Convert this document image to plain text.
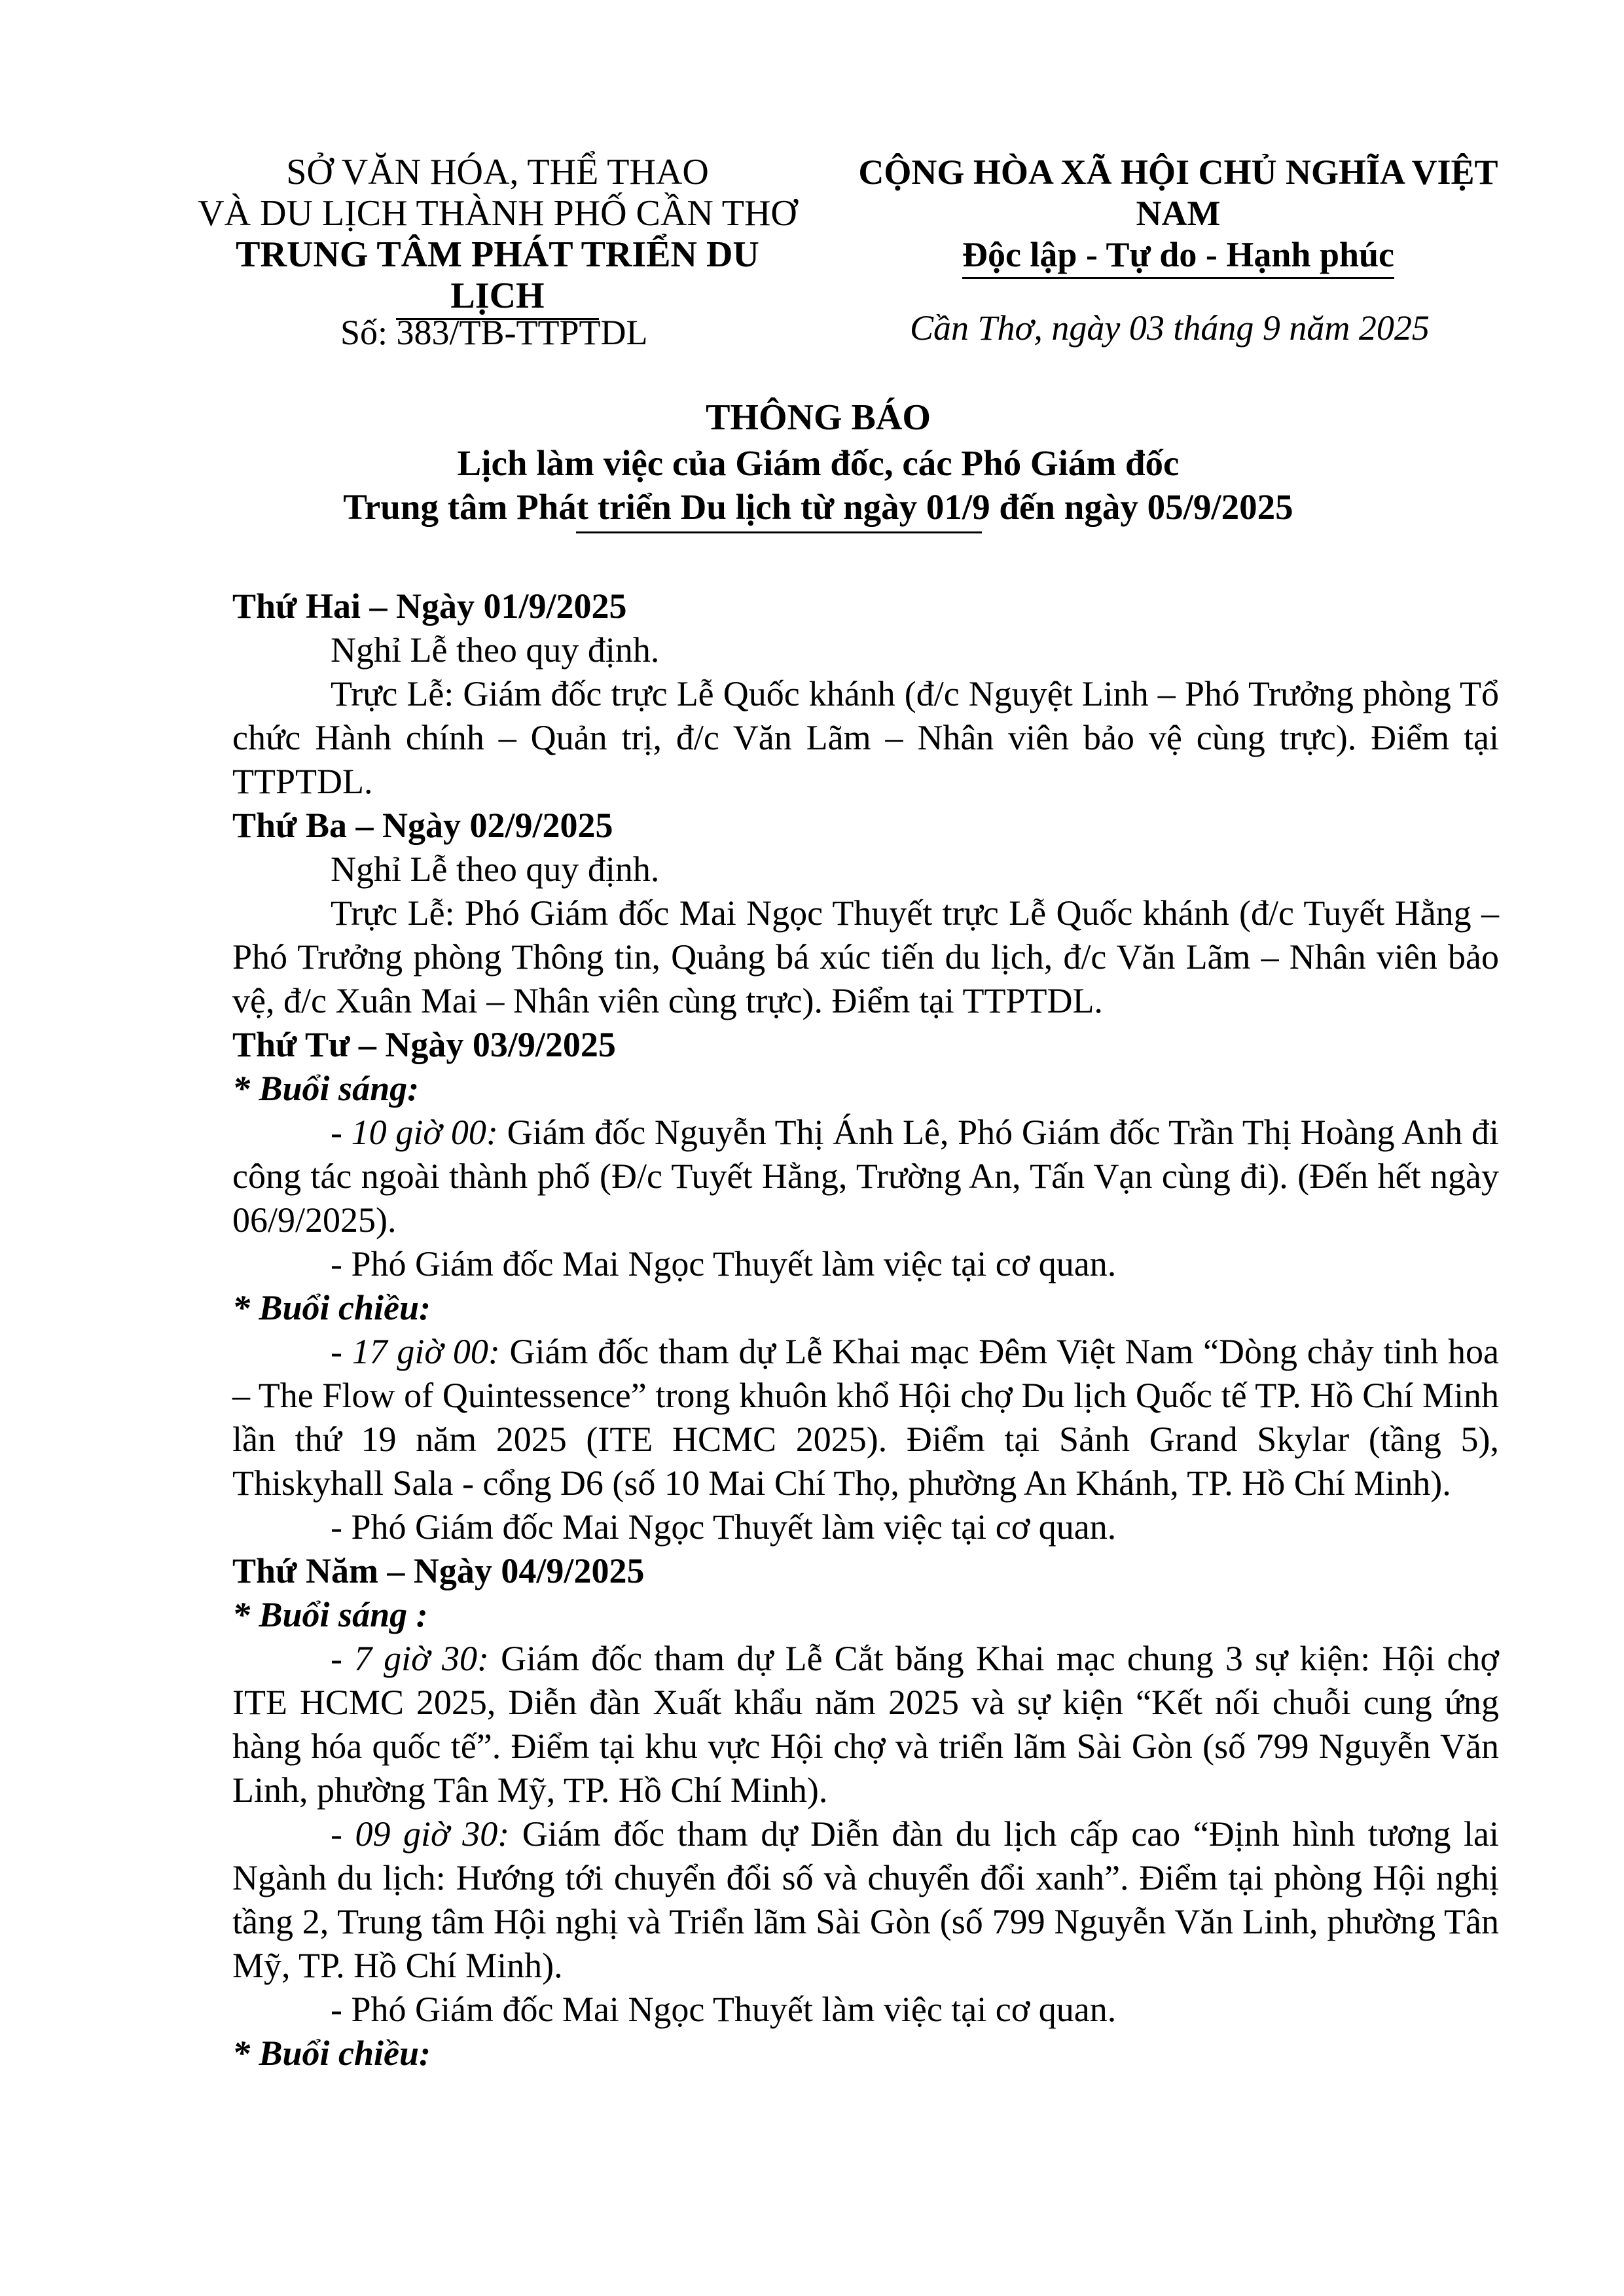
SỞ VĂN HÓA, THỂ THAO
VÀ DU LỊCH THÀNH PHỐ CẦN THƠ
TRUNG TÂM PHÁT TRIỂN DU LỊCH
CỘNG HÒA XÃ HỘI CHỦ NGHĨA VIỆT NAM
Độc lập - Tự do - Hạnh phúc
Số: 383/TB-TTPTDL	Cần Thơ, ngày 03 tháng 9 năm 2025
THÔNG BÁO
Lịch làm việc của Giám đốc, các Phó Giám đốc
Trung tâm Phát triển Du lịch từ ngày 01/9 đến ngày 05/9/2025

Thứ Hai – Ngày 01/9/2025

Nghỉ Lễ theo quy định.

Trực Lễ: Giám đốc trực Lễ Quốc khánh (đ/c Nguyệt Linh – Phó Trưởng phòng Tổ chức Hành chính – Quản trị, đ/c Văn Lãm – Nhân viên bảo vệ cùng trực). Điểm tại TTPTDL.

Thứ Ba – Ngày 02/9/2025

Nghỉ Lễ theo quy định.

Trực Lễ: Phó Giám đốc Mai Ngọc Thuyết trực Lễ Quốc khánh (đ/c Tuyết Hằng – Phó Trưởng phòng Thông tin, Quảng bá xúc tiến du lịch, đ/c Văn Lãm – Nhân viên bảo vệ, đ/c Xuân Mai – Nhân viên cùng trực). Điểm tại TTPTDL.

Thứ Tư – Ngày 03/9/2025

* Buổi sáng:

- 10 giờ 00: Giám đốc Nguyễn Thị Ánh Lê, Phó Giám đốc Trần Thị Hoàng Anh đi công tác ngoài thành phố (Đ/c Tuyết Hằng, Trường An, Tấn Vạn cùng đi). (Đến hết ngày 06/9/2025).

- Phó Giám đốc Mai Ngọc Thuyết làm việc tại cơ quan.

* Buổi chiều:

- 17 giờ 00: Giám đốc tham dự Lễ Khai mạc Đêm Việt Nam “Dòng chảy tinh hoa – The Flow of Quintessence” trong khuôn khổ Hội chợ Du lịch Quốc tế TP. Hồ Chí Minh lần thứ 19 năm 2025 (ITE HCMC 2025). Điểm tại Sảnh Grand Skylar (tầng 5), Thiskyhall Sala - cổng D6 (số 10 Mai Chí Thọ, phường An Khánh, TP. Hồ Chí Minh).

- Phó Giám đốc Mai Ngọc Thuyết làm việc tại cơ quan.

Thứ Năm – Ngày 04/9/2025

* Buổi sáng :

- 7 giờ 30: Giám đốc tham dự Lễ Cắt băng Khai mạc chung 3 sự kiện: Hội chợ ITE HCMC 2025, Diễn đàn Xuất khẩu năm 2025 và sự kiện “Kết nối chuỗi cung ứng hàng hóa quốc tế”. Điểm tại khu vực Hội chợ và triển lãm Sài Gòn (số 799 Nguyễn Văn Linh, phường Tân Mỹ, TP. Hồ Chí Minh).

- 09 giờ 30: Giám đốc tham dự Diễn đàn du lịch cấp cao “Định hình tương lai Ngành du lịch: Hướng tới chuyển đổi số và chuyển đổi xanh”. Điểm tại phòng Hội nghị tầng 2, Trung tâm Hội nghị và Triển lãm Sài Gòn (số 799 Nguyễn Văn Linh, phường Tân Mỹ, TP. Hồ Chí Minh).

- Phó Giám đốc Mai Ngọc Thuyết làm việc tại cơ quan.

* Buổi chiều:
